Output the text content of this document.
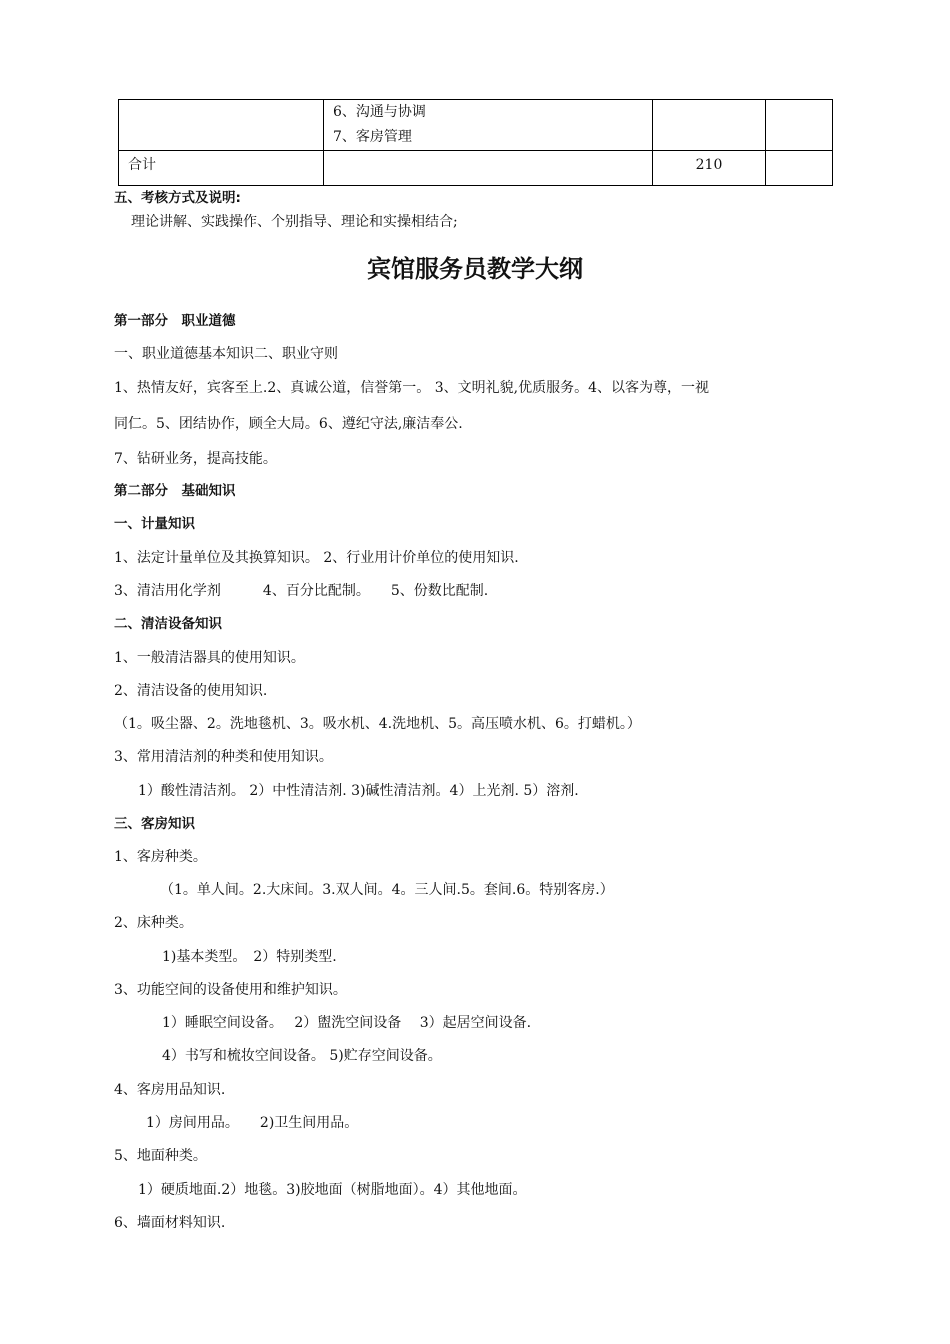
	6、沟通与协调
7、客房管理		

合计		210	
五、考核方式及说明:
理论讲解、实践操作、个别指导、理论和实操相结合;
宾馆服务员教学大纲
第一部分　职业道德
一、职业道德基本知识二、职业守则
1、热情友好，宾客至上.2、真诚公道，信誉第一。 3、文明礼貌,优质服务。4、以客为尊，一视
同仁。5、团结协作，顾全大局。6、遵纪守法,廉洁奉公.
7、钻研业务，提高技能。
第二部分　基础知识
一、计量知识
1、法定计量单位及其换算知识。 2、行业用计价单位的使用知识.
3、清洁用化学剂　　　4、百分比配制。　　5、份数比配制.
二、清洁设备知识
1、一般清洁器具的使用知识。
2、清洁设备的使用知识.
（1。吸尘器、2。洗地毯机、3。吸水机、4.洗地机、5。高压喷水机、6。打蜡机。）
3、常用清洁剂的种类和使用知识。
1）酸性清洁剂。 2）中性清洁剂. 3)碱性清洁剂。4）上光剂. 5）溶剂.
三、客房知识
1、客房种类。
（1。单人间。2.大床间。3.双人间。4。三人间.5。套间.6。特别客房.）
2、床种类。
1)基本类型。　2）特别类型.
3、功能空间的设备使用和维护知识。
1）睡眠空间设备。　 2）盥洗空间设备　 3）起居空间设备.
4）书写和梳妆空间设备。 5)贮存空间设备。
4、客房用品知识.
1）房间用品。　　2)卫生间用品。
5、地面种类。
1）硬质地面.2）地毯。3)胶地面（树脂地面）。4）其他地面。
6、墙面材料知识.
